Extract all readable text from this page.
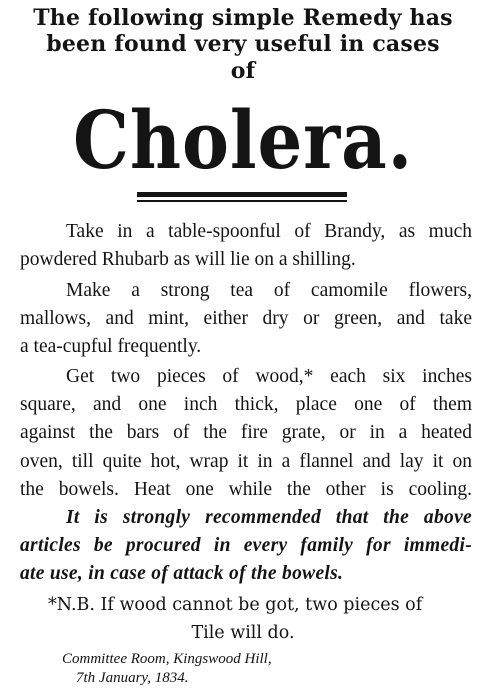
The following simple Remedy has
been found very useful in cases
of
Cholera.
Take in a table-spoonful of Brandy, as much
powdered Rhubarb as will lie on a shilling.
Make a strong tea of camomile flowers,
mallows, and mint, either dry or green, and take
a tea-cupful frequently.
Get two pieces of wood,* each six inches
square, and one inch thick, place one of them
against the bars of the fire grate, or in a heated
oven, till quite hot, wrap it in a flannel and lay it on
the bowels. Heat one while the other is cooling.
It is strongly recommended that the above
articles be procured in every family for immedi-
ate use, in case of attack of the bowels.
*N.B. If wood cannot be got, two pieces of
Tile will do.
Committee Room, Kingswood Hill,
7th January, 1834.
